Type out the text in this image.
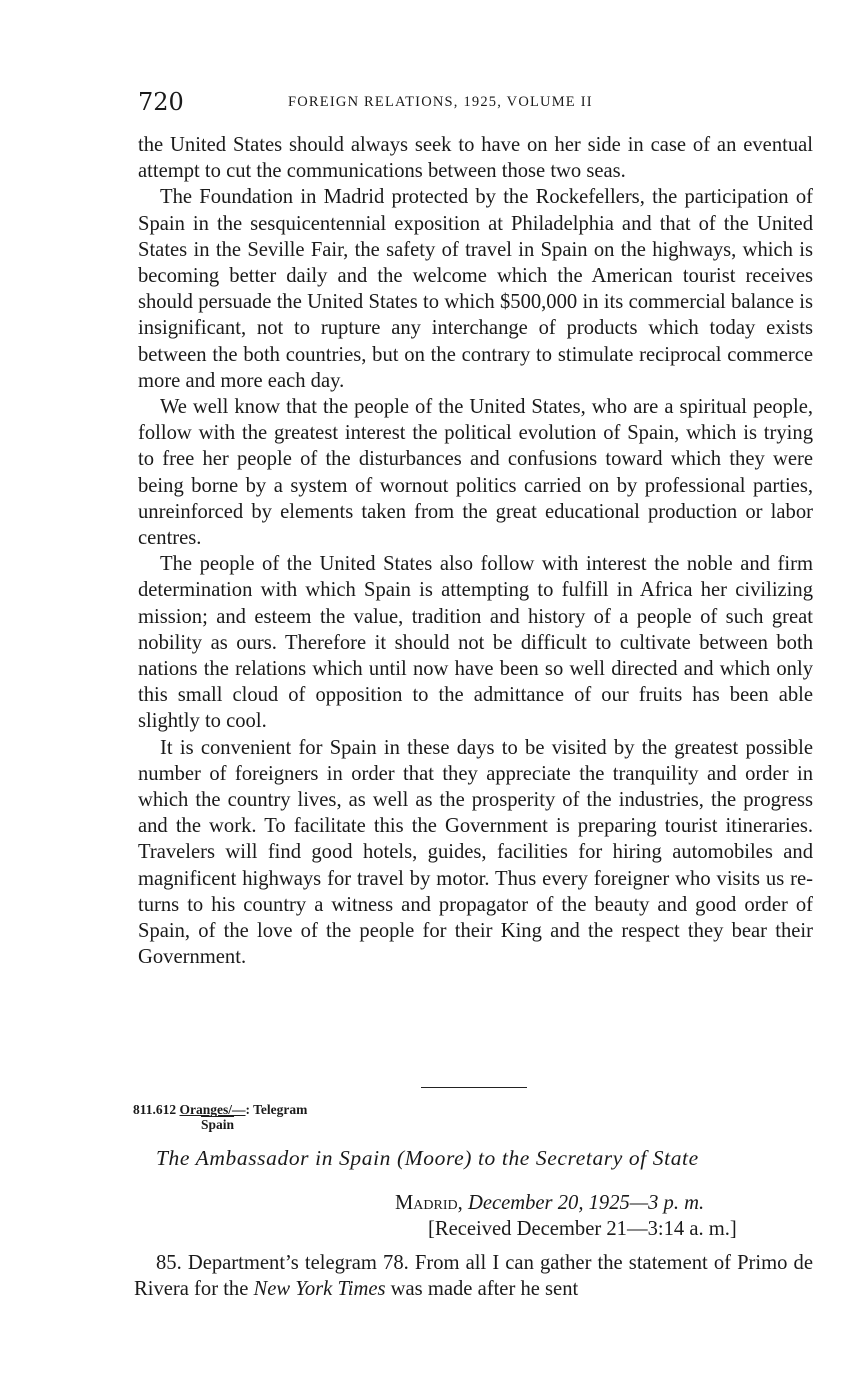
720	FOREIGN RELATIONS, 1925, VOLUME II

the United States should always seek to have on her side in case of an eventual attempt to cut the communications between those two seas.

The Foundation in Madrid protected by the Rockefellers, the participation of Spain in the sesquicentennial exposition at Philadelphia and that of the United States in the Seville Fair, the safety of travel in Spain on the highways, which is becoming better daily and the welcome which the American tourist receives should persuade the United States to which $500,000 in its commercial balance is insignificant, not to rupture any interchange of products which today exists between the both countries, but on the contrary to stimulate reciprocal commerce more and more each day.

We well know that the people of the United States, who are a spiritual people, follow with the greatest interest the political evolution of Spain, which is trying to free her people of the disturbances and confusions toward which they were being borne by a system of wornout politics carried on by professional parties, unreinforced by elements taken from the great educational production or labor centres.

The people of the United States also follow with interest the noble and firm determination with which Spain is attempting to fulfill in Africa her civilizing mission; and esteem the value, tradition and history of a people of such great nobility as ours. Therefore it should not be difficult to cultivate between both nations the relations which until now have been so well directed and which only this small cloud of opposition to the admittance of our fruits has been able slightly to cool.

It is convenient for Spain in these days to be visited by the greatest possible number of foreigners in order that they appreciate the tranquility and order in which the country lives, as well as the prosperity of the industries, the progress and the work. To facilitate this the Government is preparing tourist itineraries. Travelers will find good hotels, guides, facilities for hiring automobiles and magnificent highways for travel by motor. Thus every foreigner who visits us returns to his country a witness and propagator of the beauty and good order of Spain, of the love of the people for their King and the respect they bear their Government.

811.612 Oranges/—: Telegram
Spain
The Ambassador in Spain (Moore) to the Secretary of State
Madrid, December 20, 1925—3 p. m.
[Received December 21—3:14 a. m.]

85. Department’s telegram 78. From all I can gather the statement of Primo de Rivera for the New York Times was made after he sent
